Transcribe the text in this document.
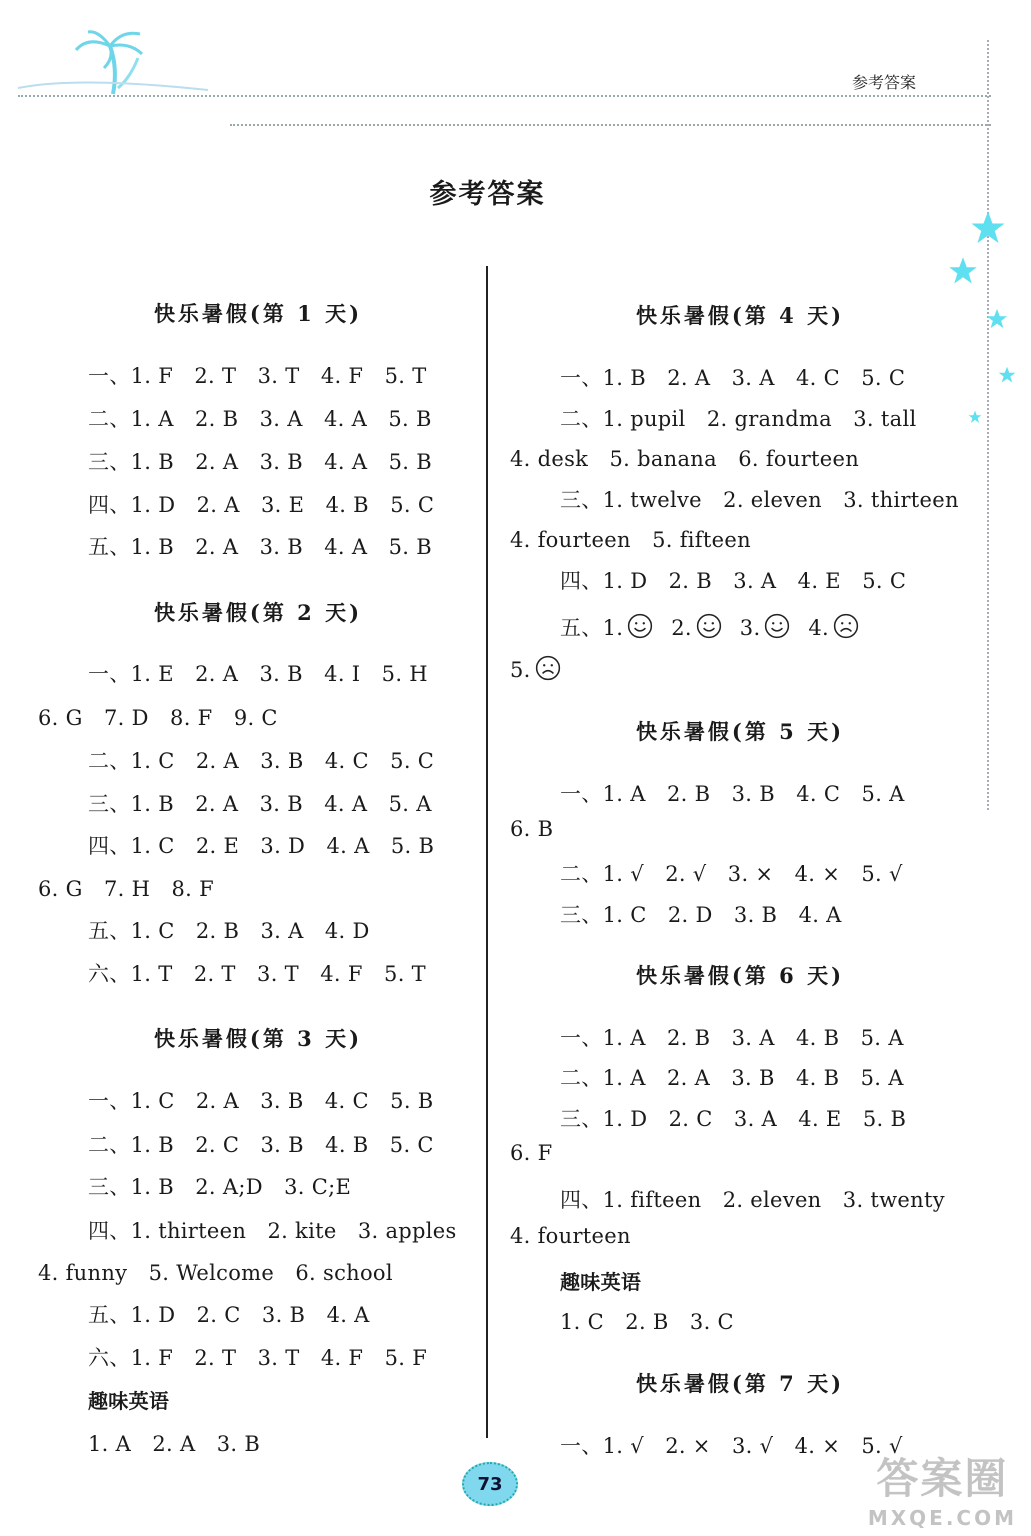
参考答案
参考答案
快乐暑假(第 1 天)
一、1. F　2. T　3. T　4. F　5. T
二、1. A　2. B　3. A　4. A　5. B
三、1. B　2. A　3. B　4. A　5. B
四、1. D　2. A　3. E　4. B　5. C
五、1. B　2. A　3. B　4. A　5. B
快乐暑假(第 2 天)
一、1. E　2. A　3. B　4. I　5. H
6. G　7. D　8. F　9. C
二、1. C　2. A　3. B　4. C　5. C
三、1. B　2. A　3. B　4. A　5. A
四、1. C　2. E　3. D　4. A　5. B
6. G　7. H　8. F
五、1. C　2. B　3. A　4. D
六、1. T　2. T　3. T　4. F　5. T
快乐暑假(第 3 天)
一、1. C　2. A　3. B　4. C　5. B
二、1. B　2. C　3. B　4. B　5. C
三、1. B　2. A;D　3. C;E
四、1. thirteen　2. kite　3. apples
4. funny　5. Welcome　6. school
五、1. D　2. C　3. B　4. A
六、1. F　2. T　3. T　4. F　5. F
趣味英语
1. A　2. A　3. B
快乐暑假(第 4 天)
一、1. B　2. A　3. A　4. C　5. C
二、1. pupil　2. grandma　3. tall
4. desk　5. banana　6. fourteen
三、1. twelve　2. eleven　3. thirteen
4. fourteen　5. fifteen
四、1. D　2. B　3. A　4. E　5. C
五、1. 2. 3. 4.
5.
快乐暑假(第 5 天)
一、1. A　2. B　3. B　4. C　5. A
6. B
二、1. √　2. √　3. ×　4. ×　5. √
三、1. C　2. D　3. B　4. A
快乐暑假(第 6 天)
一、1. A　2. B　3. A　4. B　5. A
二、1. A　2. A　3. B　4. B　5. A
三、1. D　2. C　3. A　4. E　5. B
6. F
四、1. fifteen　2. eleven　3. twenty
4. fourteen
趣味英语
1. C　2. B　3. C
快乐暑假(第 7 天)
一、1. √　2. ×　3. √　4. ×　5. √
73	答案圈
MXQE.COM
